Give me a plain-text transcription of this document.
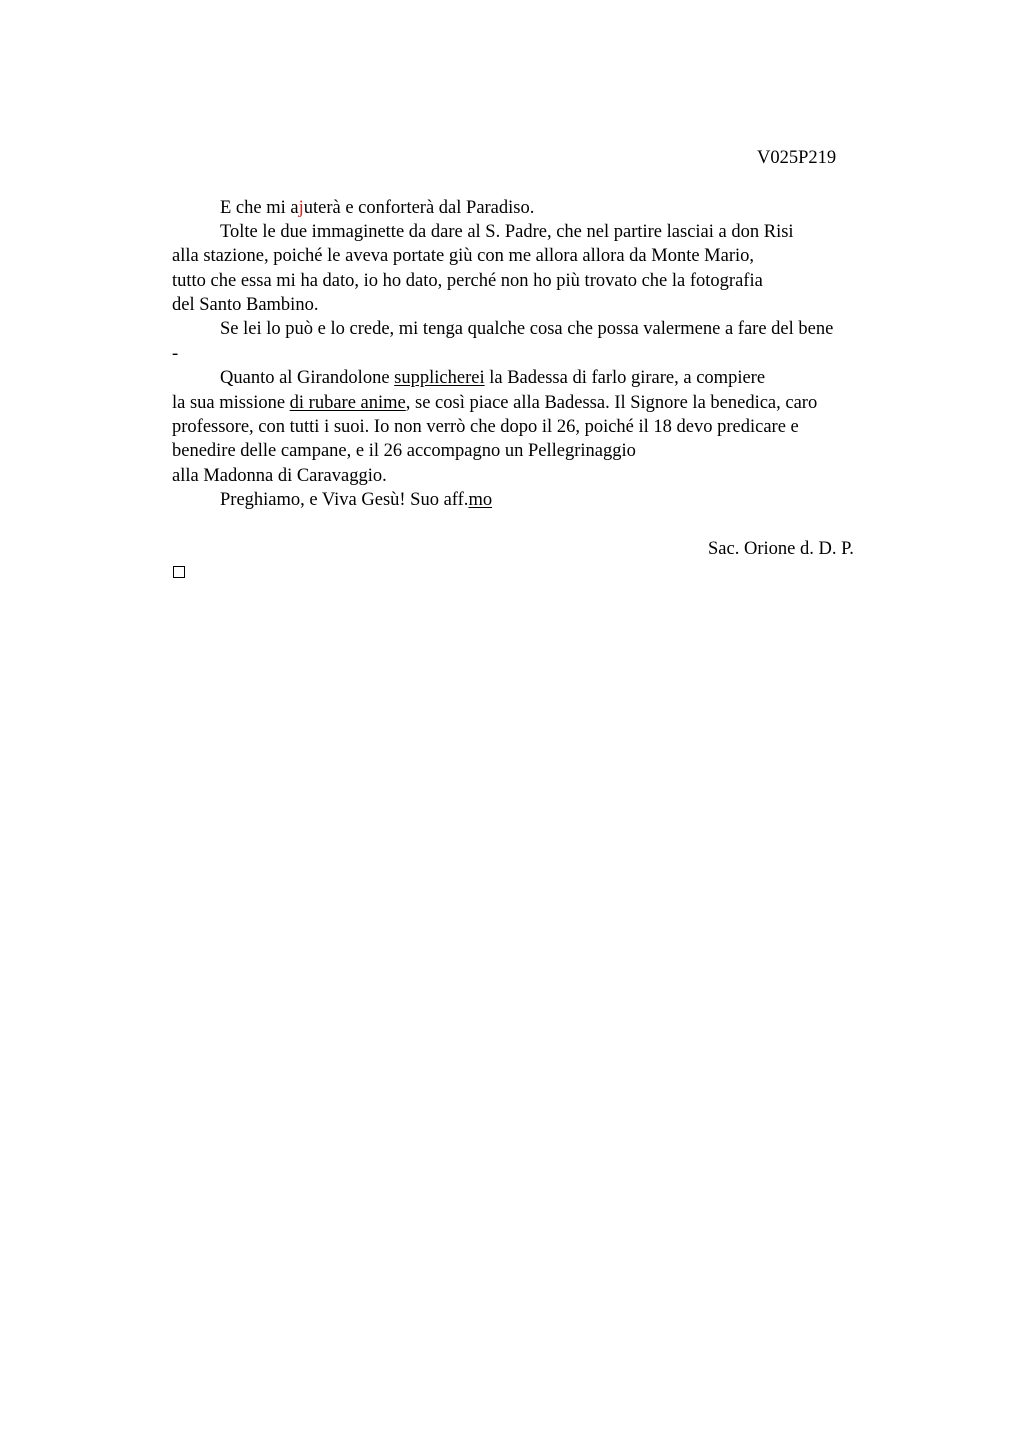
V025P219
E che mi ajuterà e conforterà dal Paradiso.
Tolte le due immaginette da dare al S. Padre, che nel partire lasciai a don Risi
alla stazione, poiché le aveva portate giù con me allora allora da Monte Mario,
tutto che essa mi ha dato, io ho dato, perché non ho più trovato che la fotografia
del Santo Bambino.
Se lei lo può e lo crede, mi tenga qualche cosa che possa valermene a fare del bene
-
Quanto al Girandolone supplicherei la Badessa di farlo girare, a compiere
la sua missione di rubare anime, se così piace alla Badessa. Il Signore la benedica, caro
professore, con tutti i suoi. Io non verrò che dopo il 26, poiché il 18 devo predicare e
benedire delle campane, e il 26 accompagno un Pellegrinaggio
alla Madonna di Caravaggio.
Preghiamo, e Viva Gesù! Suo aff.mo
Sac. Orione d. D. P.
